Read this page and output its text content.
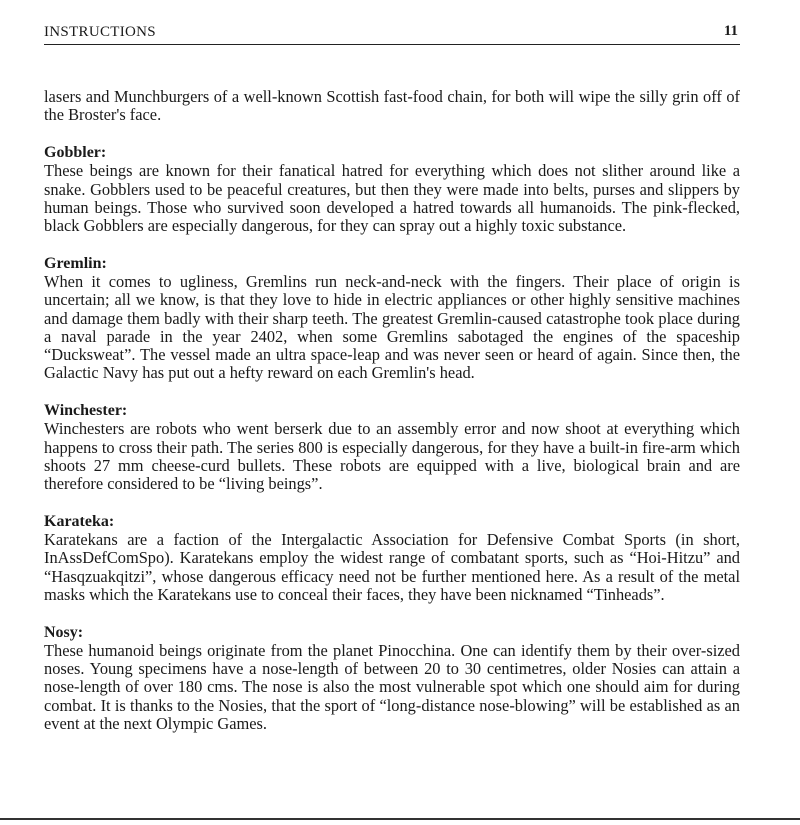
INSTRUCTIONS	11

lasers and Munchburgers of a well-known Scottish fast-food chain, for both will wipe the silly grin off of the Broster's face.

Gobbler:

These beings are known for their fanatical hatred for everything which does not slither around like a snake. Gobblers used to be peaceful creatures, but then they were made into belts, purses and slippers by human beings. Those who survived soon developed a hatred towards all humanoids. The pink-flecked, black Gobblers are especially dangerous, for they can spray out a highly toxic substance.

Gremlin:

When it comes to ugliness, Gremlins run neck-and-neck with the fingers. Their place of origin is uncertain; all we know, is that they love to hide in electric appliances or other highly sensitive machines and damage them badly with their sharp teeth. The greatest Gremlin-caused catastrophe took place during a naval parade in the year 2402, when some Gremlins sabotaged the engines of the spaceship “Ducksweat”. The vessel made an ultra space-leap and was never seen or heard of again. Since then, the Galactic Navy has put out a hefty reward on each Gremlin's head.

Winchester:

Winchesters are robots who went berserk due to an assembly error and now shoot at everything which happens to cross their path. The series 800 is especially dangerous, for they have a built-in fire-arm which shoots 27 mm cheese-curd bullets. These robots are equipped with a live, biological brain and are therefore considered to be “living beings”.

Karateka:

Karatekans are a faction of the Intergalactic Association for Defensive Combat Sports (in short, InAssDefComSpo). Karatekans employ the widest range of combatant sports, such as “Hoi-Hitzu” and “Hasqzuakqitzi”, whose dangerous efficacy need not be further mentioned here. As a result of the metal masks which the Karatekans use to conceal their faces, they have been nicknamed “Tinheads”.

Nosy:

These humanoid beings originate from the planet Pinocchina. One can identify them by their over-sized noses. Young specimens have a nose-length of between 20 to 30 centimetres, older Nosies can attain a nose-length of over 180 cms. The nose is also the most vulnerable spot which one should aim for during combat. It is thanks to the Nosies, that the sport of “long-distance nose-blowing” will be established as an event at the next Olympic Games.
